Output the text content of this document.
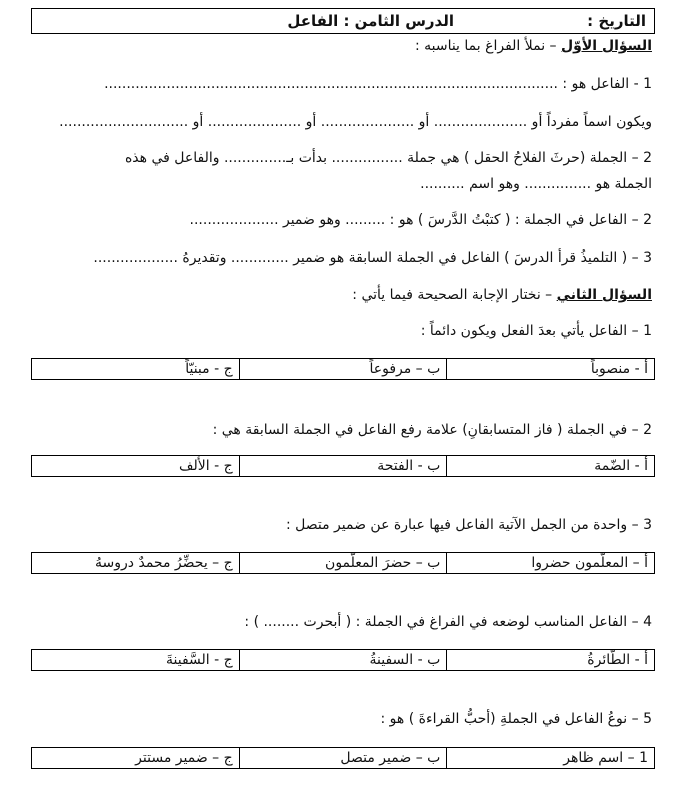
التاريخ :
الدرس الثامن : الفاعل
السؤال الأوّل – نملأ الفراغ بما يناسبه :
1 - الفاعل هو : ......................................................................................................
ويكون اسماً مفرداً أو ..................... أو ..................... أو ..................... أو .............................
2 – الجملة (حرثَ الفلاحُ الحقل ) هي جملة ................ بدأت بـ.............. والفاعل في هذه
الجملة هو ............... وهو اسم ..........
2 – الفاعل في الجملة : ( كتبْتُ الدَّرسَ ) هو : ......... وهو ضمير ....................
3 – ( التلميذُ قرأ الدرسَ ) الفاعل في الجملة السابقة هو ضمير ............. وتقديرهُ ...................
السؤال الثاني – نختار الإجابة الصحيحة فيما يأتي :
1 – الفاعل يأتي بعدَ الفعل ويكون دائماً :
أ - منصوباً
ب – مرفوعاً
ج - مبنيّاً
2 – في الجملة ( فاز المتسابقانِ) علامة رفع الفاعل في الجملة السابقة هي :
أ - الضّمة
ب - الفتحة
ج - الألف
3 – واحدة من الجمل الآتية الفاعل فيها عبارة عن ضمير متصل :
أ – المعلّمون حضروا
ب – حضرَ المعلّمون
ج – يحضِّرُ محمدٌ دروسهُ
4 – الفاعل المناسب لوضعه في الفراغ في الجملة : ( أبحرت ........ ) :
أ - الطّائرةُ
ب - السفينةُ
ج - السَّفينةَ
5 – نوعُ الفاعل في الجملةِ (أحبُّ القراءةَ ) هو :
1 – اسم ظاهر
ب – ضمير متصل
ج – ضمير مستتر
